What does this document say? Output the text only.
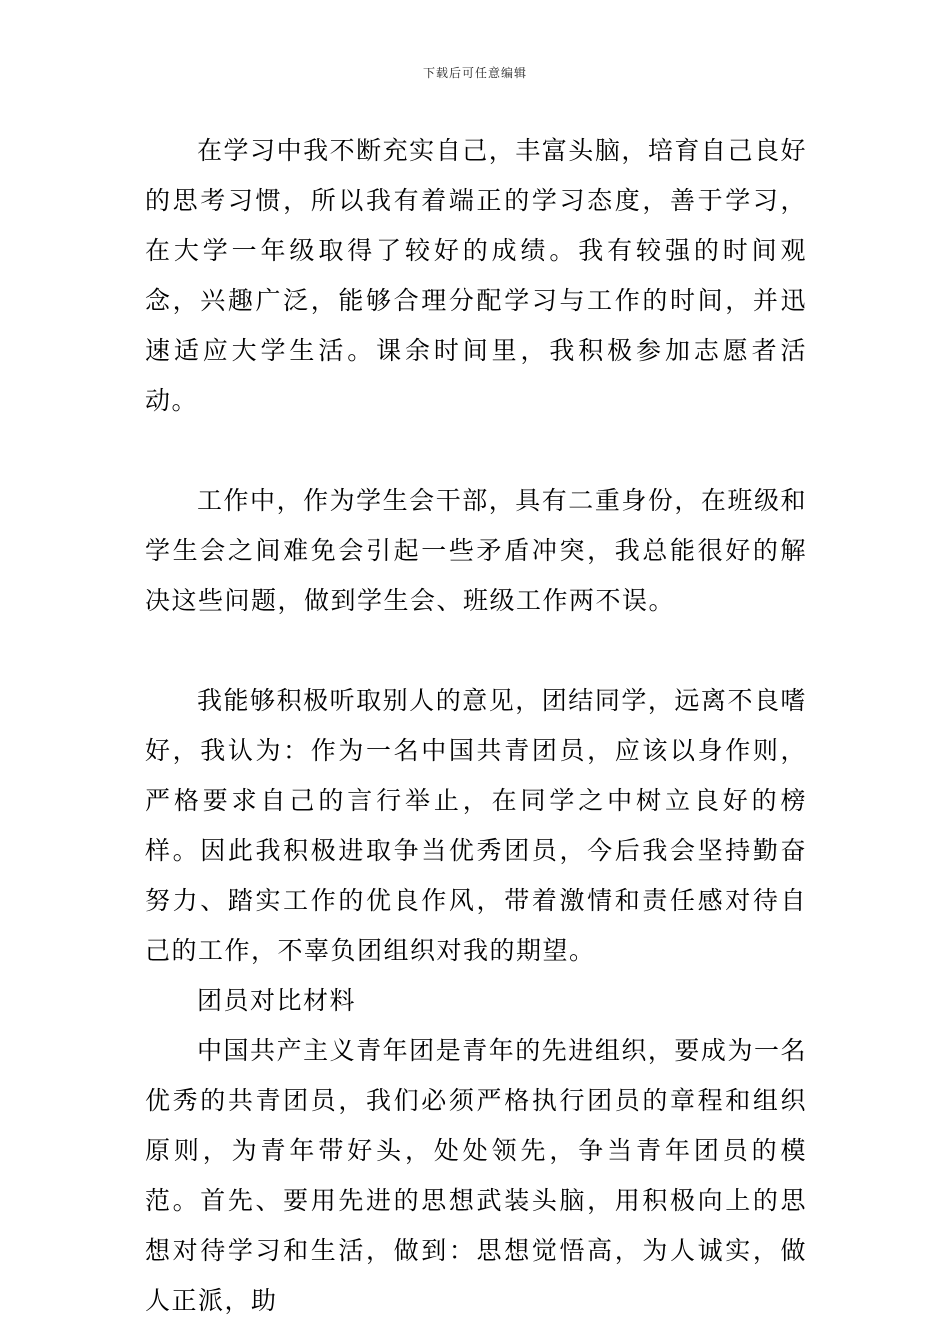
下载后可任意编辑

在学习中我不断充实自己，丰富头脑，培育自己良好的思考习惯，所以我有着端正的学习态度，善于学习，在大学一年级取得了较好的成绩。我有较强的时间观念，兴趣广泛，能够合理分配学习与工作的时间，并迅速适应大学生活。课余时间里，我积极参加志愿者活动。

工作中，作为学生会干部，具有二重身份，在班级和学生会之间难免会引起一些矛盾冲突，我总能很好的解决这些问题，做到学生会、班级工作两不误。

我能够积极听取别人的意见，团结同学，远离不良嗜好，我认为：作为一名中国共青团员，应该以身作则，严格要求自己的言行举止，在同学之中树立良好的榜样。因此我积极进取争当优秀团员，今后我会坚持勤奋努力、踏实工作的优良作风，带着激情和责任感对待自己的工作，不辜负团组织对我的期望。

团员对比材料

中国共产主义青年团是青年的先进组织，要成为一名优秀的共青团员，我们必须严格执行团员的章程和组织原则，为青年带好头，处处领先，争当青年团员的模范。首先、要用先进的思想武装头脑，用积极向上的思想对待学习和生活，做到：思想觉悟高，为人诚实，做人正派，助
